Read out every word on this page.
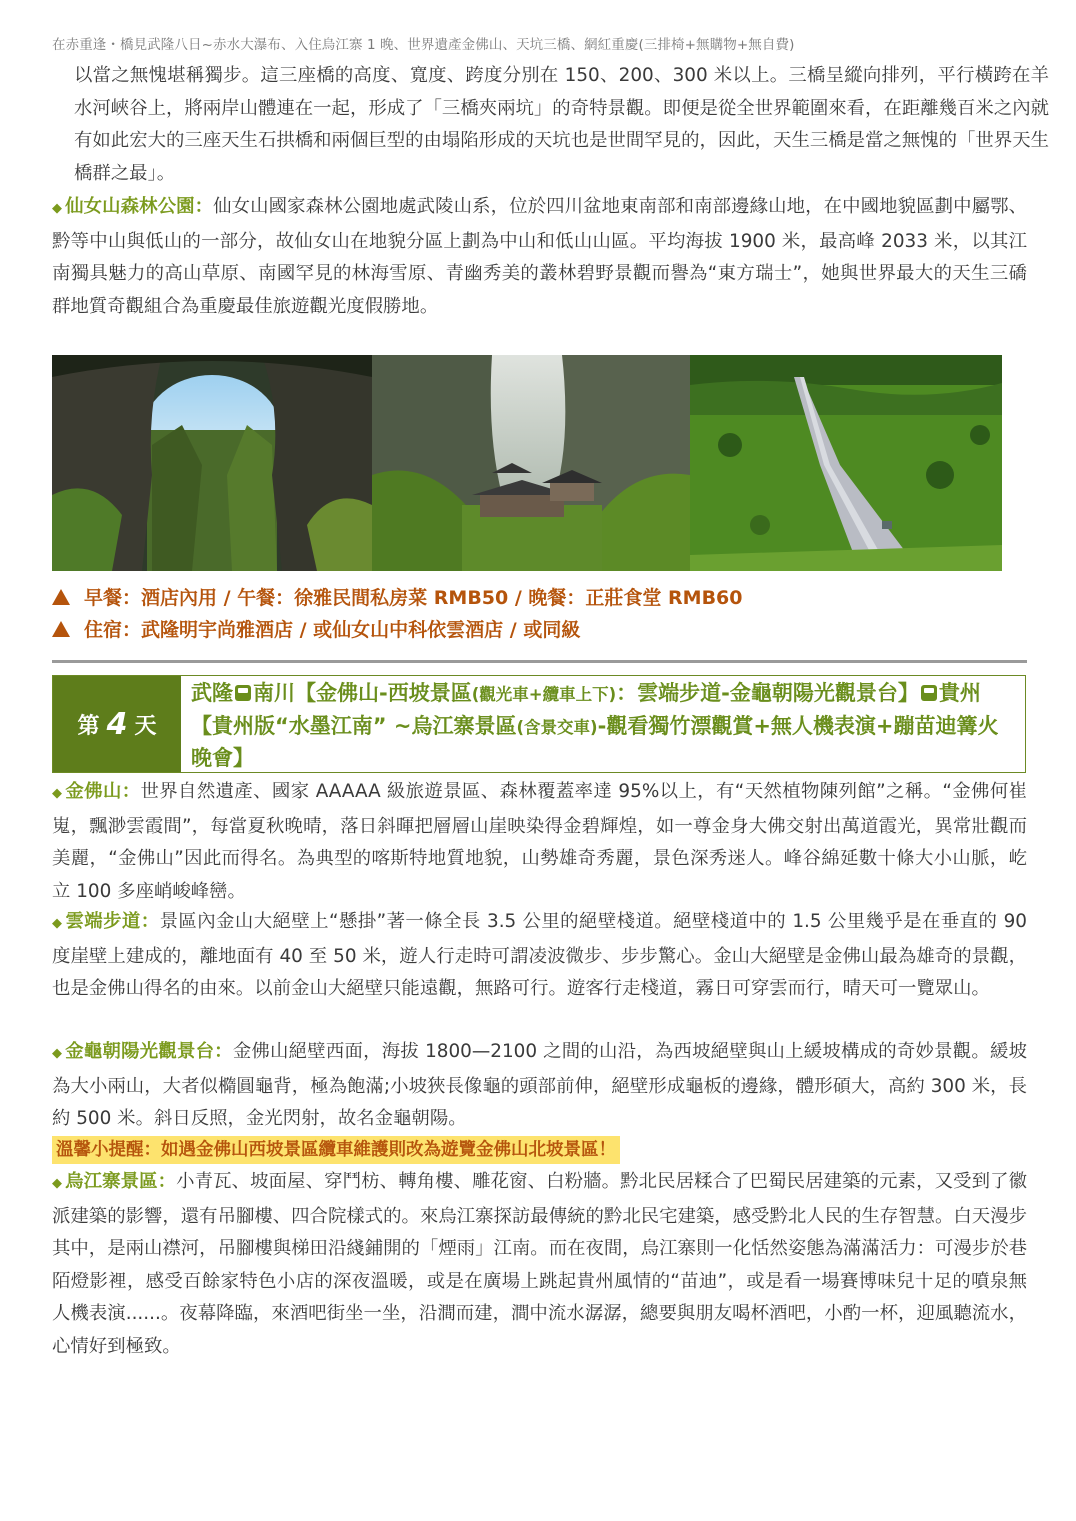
在赤重逢・橋見武隆八日~赤水大瀑布、入住烏江寨 1 晚、世界遺產金佛山、天坑三橋、網紅重慶(三排椅+無購物+無自費)
以當之無愧堪稱獨步。這三座橋的高度、寬度、跨度分別在 150、200、300 米以上。三橋呈縱向排列，平行橫跨在羊水河峽谷上，將兩岸山體連在一起，形成了「三橋夾兩坑」的奇特景觀。即便是從全世界範圍來看，在距離幾百米之內就有如此宏大的三座天生石拱橋和兩個巨型的由塌陷形成的天坑也是世間罕見的，因此，天生三橋是當之無愧的「世界天生橋群之最」。
◆ 仙女山森林公園：仙女山國家森林公園地處武陵山系，位於四川盆地東南部和南部邊緣山地，在中國地貌區劃中屬鄂、黔等中山與低山的一部分，故仙女山在地貌分區上劃為中山和低山山區。平均海拔 1900 米，最高峰 2033 米，以其江南獨具魅力的高山草原、南國罕見的林海雪原、青幽秀美的叢林碧野景觀而譽為“東方瑞士”，她與世界最大的天生三礄群地質奇觀組合為重慶最佳旅遊觀光度假勝地。
早餐：酒店內用 / 午餐：徐雅民間私房菜 RMB50 / 晚餐：正莊食堂 RMB60
住宿：武隆明宇尚雅酒店 / 或仙女山中科依雲酒店 / 或同級
第 4 天
武隆 南川【金佛山-西坡景區(觀光車+纜車上下)：雲端步道-金龜朝陽光觀景台】 貴州【貴州版“水墨江南” ~烏江寨景區(含景交車)-觀看獨竹漂觀賞+無人機表演+蹦苗迪篝火晚會】
◆ 金佛山：世界自然遺產、國家 AAAAA 級旅遊景區、森林覆蓋率達 95%以上，有“天然植物陳列館”之稱。“金佛何崔嵬，飄渺雲霞間”，每當夏秋晚晴，落日斜暉把層層山崖映染得金碧輝煌，如一尊金身大佛交射出萬道霞光，異常壯觀而美麗，“金佛山”因此而得名。為典型的喀斯特地質地貌，山勢雄奇秀麗，景色深秀迷人。峰谷綿延數十條大小山脈，屹立 100 多座峭峻峰巒。
◆ 雲端步道：景區內金山大絕壁上“懸掛”著一條全長 3.5 公里的絕壁棧道。絕壁棧道中的 1.5 公里幾乎是在垂直的 90 度崖壁上建成的，離地面有 40 至 50 米，遊人行走時可謂凌波微步、步步驚心。金山大絕壁是金佛山最為雄奇的景觀，也是金佛山得名的由來。以前金山大絕壁只能遠觀，無路可行。遊客行走棧道，霧日可穿雲而行，晴天可一覽眾山。
◆ 金龜朝陽光觀景台：金佛山絕壁西面，海拔 1800—2100 之間的山沿，為西坡絕壁與山上緩坡構成的奇妙景觀。緩坡為大小兩山，大者似橢圓龜背，極為飽滿;小坡狹長像龜的頭部前伸，絕壁形成龜板的邊緣，體形碩大，高約 300 米，長約 500 米。斜日反照，金光閃射，故名金龜朝陽。
溫馨小提醒：如遇金佛山西坡景區纜車維護則改為遊覽金佛山北坡景區！
◆ 烏江寨景區：小青瓦、坡面屋、穿鬥枋、轉角樓、雕花窗、白粉牆。黔北民居糅合了巴蜀民居建築的元素，又受到了徽派建築的影響，還有吊腳樓、四合院樣式的。來烏江寨探訪最傳統的黔北民宅建築，感受黔北人民的生存智慧。白天漫步其中，是兩山襟河，吊腳樓與梯田沿綫鋪開的「煙雨」江南。而在夜間，烏江寨則一化恬然姿態為滿滿活力：可漫步於巷陌燈影裡，感受百餘家特色小店的深夜溫暖，或是在廣場上跳起貴州風情的“苗迪”，或是看一場賽博味兒十足的噴泉無人機表演......。夜幕降臨，來酒吧街坐一坐，沿澗而建，澗中流水潺潺，總要與朋友喝杯酒吧，小酌一杯，迎風聽流水，心情好到極致。
